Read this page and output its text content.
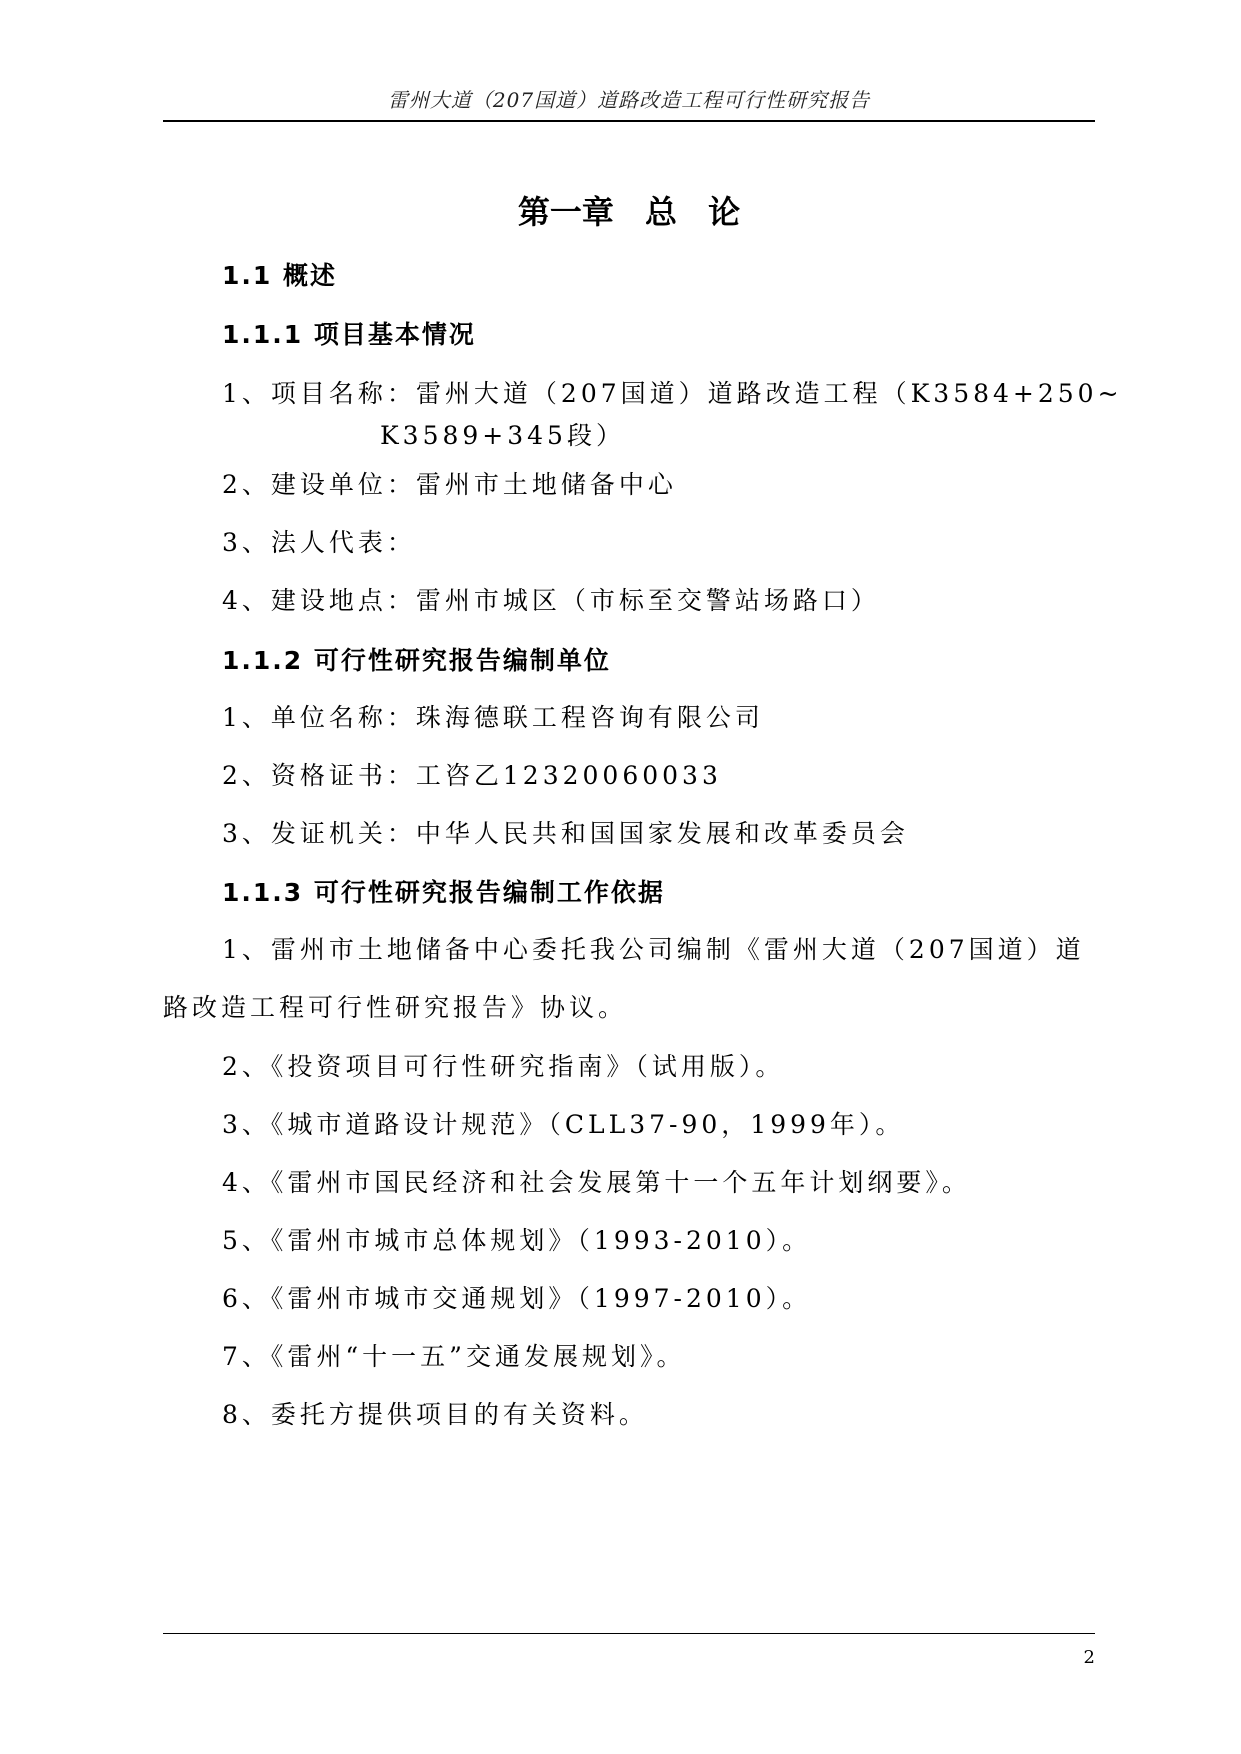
雷州大道（207国道）道路改造工程可行性研究报告
第一章 总 论
1.1 概述
1.1.1 项目基本情况
1、项目名称：雷州大道（207国道）道路改造工程（K3584+250~
K3589+345段）
2、建设单位：雷州市土地储备中心
3、法人代表：
4、建设地点：雷州市城区（市标至交警站场路口）
1.1.2 可行性研究报告编制单位
1、单位名称：珠海德联工程咨询有限公司
2、资格证书：工咨乙12320060033
3、发证机关：中华人民共和国国家发展和改革委员会
1.1.3 可行性研究报告编制工作依据
1、雷州市土地储备中心委托我公司编制《雷州大道（207国道）道
路改造工程可行性研究报告》协议。
2、《投资项目可行性研究指南》（试用版）。
3、《城市道路设计规范》（CLL37-90，1999年）。
4、《雷州市国民经济和社会发展第十一个五年计划纲要》。
5、《雷州市城市总体规划》（1993-2010）。
6、《雷州市城市交通规划》（1997-2010）。
7、《雷州“十一五”交通发展规划》。
8、委托方提供项目的有关资料。
2
